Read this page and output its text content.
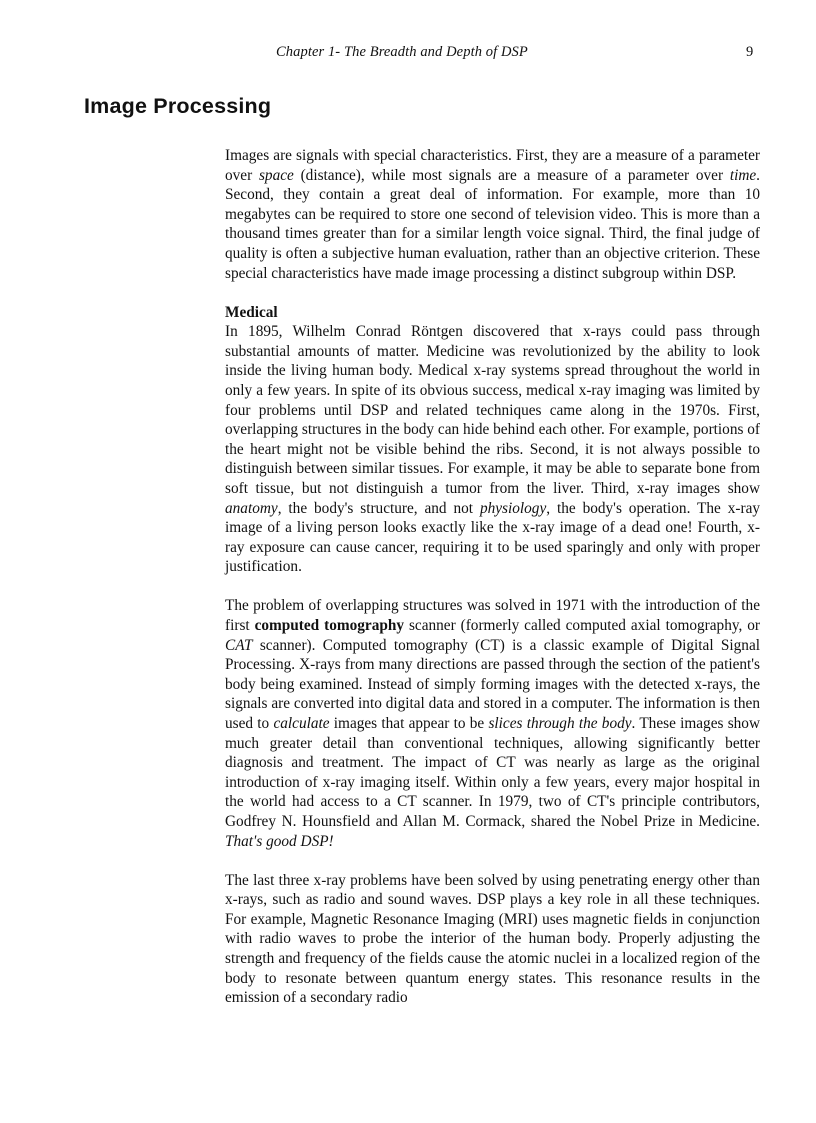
Chapter 1- The Breadth and Depth of DSP	9
Image Processing

Images are signals with special characteristics. First, they are a measure of a parameter over space (distance), while most signals are a measure of a parameter over time. Second, they contain a great deal of information. For example, more than 10 megabytes can be required to store one second of television video. This is more than a thousand times greater than for a similar length voice signal. Third, the final judge of quality is often a subjective human evaluation, rather than an objective criterion. These special characteristics have made image processing a distinct subgroup within DSP.

Medical

In 1895, Wilhelm Conrad Röntgen discovered that x-rays could pass through substantial amounts of matter. Medicine was revolutionized by the ability to look inside the living human body. Medical x-ray systems spread throughout the world in only a few years. In spite of its obvious success, medical x-ray imaging was limited by four problems until DSP and related techniques came along in the 1970s. First, overlapping structures in the body can hide behind each other. For example, portions of the heart might not be visible behind the ribs. Second, it is not always possible to distinguish between similar tissues. For example, it may be able to separate bone from soft tissue, but not distinguish a tumor from the liver. Third, x-ray images show anatomy, the body's structure, and not physiology, the body's operation. The x-ray image of a living person looks exactly like the x-ray image of a dead one! Fourth, x-ray exposure can cause cancer, requiring it to be used sparingly and only with proper justification.

The problem of overlapping structures was solved in 1971 with the introduction of the first computed tomography scanner (formerly called computed axial tomography, or CAT scanner). Computed tomography (CT) is a classic example of Digital Signal Processing. X-rays from many directions are passed through the section of the patient's body being examined. Instead of simply forming images with the detected x-rays, the signals are converted into digital data and stored in a computer. The information is then used to calculate images that appear to be slices through the body. These images show much greater detail than conventional techniques, allowing significantly better diagnosis and treatment. The impact of CT was nearly as large as the original introduction of x-ray imaging itself. Within only a few years, every major hospital in the world had access to a CT scanner. In 1979, two of CT's principle contributors, Godfrey N. Hounsfield and Allan M. Cormack, shared the Nobel Prize in Medicine. That's good DSP!

The last three x-ray problems have been solved by using penetrating energy other than x-rays, such as radio and sound waves. DSP plays a key role in all these techniques. For example, Magnetic Resonance Imaging (MRI) uses magnetic fields in conjunction with radio waves to probe the interior of the human body. Properly adjusting the strength and frequency of the fields cause the atomic nuclei in a localized region of the body to resonate between quantum energy states. This resonance results in the emission of a secondary radio
